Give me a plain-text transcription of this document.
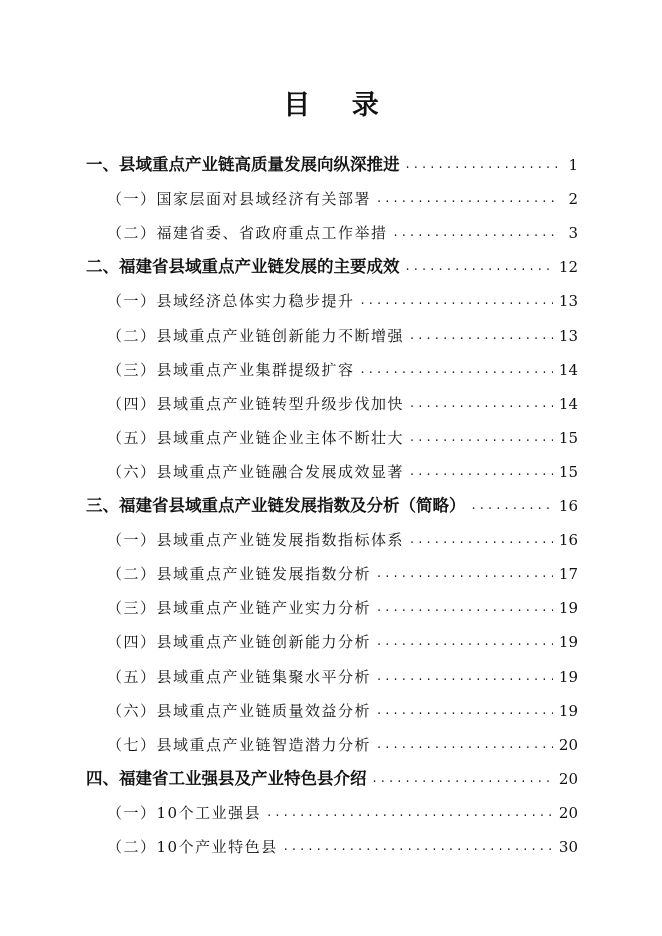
目 录
一、县域重点产业链高质量发展向纵深推进 . . .	1
（一）国家层面对县域经济有关部署 . . .	2
（二）福建省委、省政府重点工作举措 . . .	3
二、福建省县域重点产业链发展的主要成效 . . .	12
（一）县域经济总体实力稳步提升 . . .	13
（二）县域重点产业链创新能力不断增强 . . .	13
（三）县域重点产业集群提级扩容 . . .	14
（四）县域重点产业链转型升级步伐加快 . . .	14
（五）县域重点产业链企业主体不断壮大 . . .	15
（六）县域重点产业链融合发展成效显著 . . .	15
三、福建省县域重点产业链发展指数及分析（简略） . . .	16
（一）县域重点产业链发展指数指标体系 . . .	16
（二）县域重点产业链发展指数分析 . . .	17
（三）县域重点产业链产业实力分析 . . .	19
（四）县域重点产业链创新能力分析 . . .	19
（五）县域重点产业链集聚水平分析 . . .	19
（六）县域重点产业链质量效益分析 . . .	19
（七）县域重点产业链智造潜力分析 . . .	20
四、福建省工业强县及产业特色县介绍 . . .	20
（一）10个工业强县 . . .	20
（二）10个产业特色县 . . .	30
